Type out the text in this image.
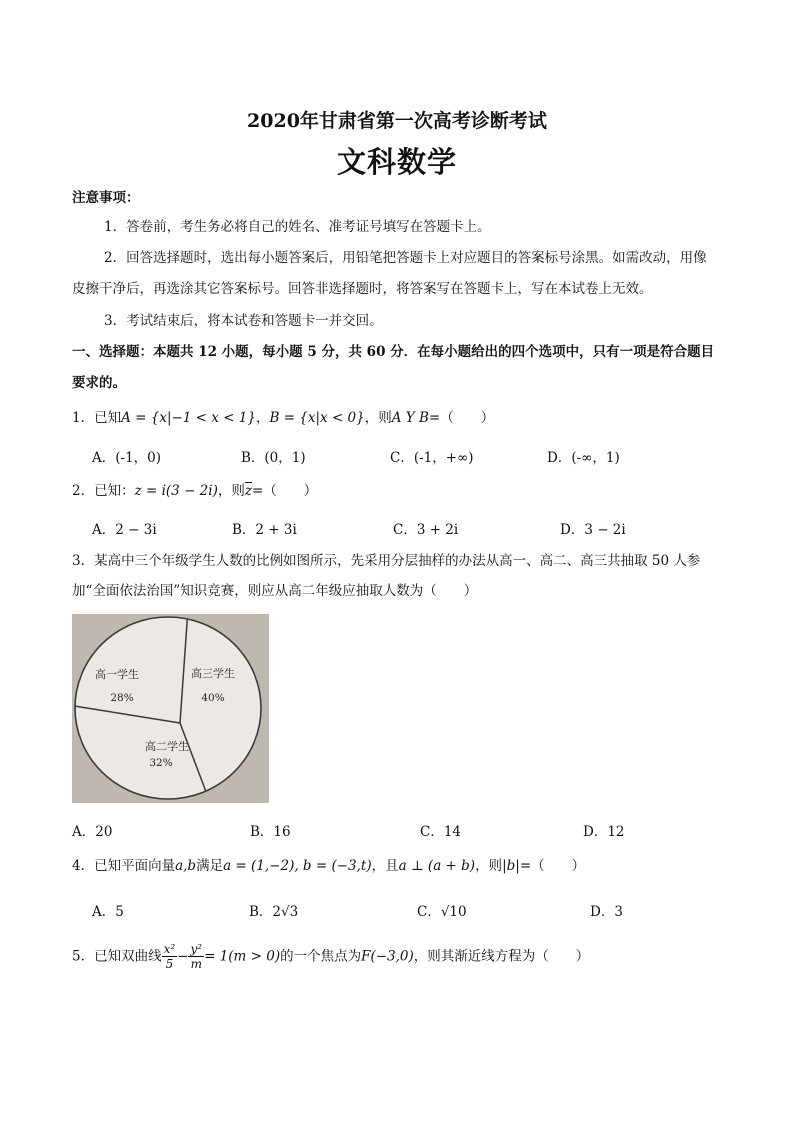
2020年甘肃省第一次高考诊断考试
文科数学
注意事项：
1．答卷前，考生务必将自己的姓名、准考证号填写在答题卡上。
2．回答选择题时，选出每小题答案后，用铅笔把答题卡上对应题目的答案标号涂黑。如需改动，用像
皮擦干净后，再选涂其它答案标号。回答非选择题时，将答案写在答题卡上，写在本试卷上无效。
3．考试结束后，将本试卷和答题卡一并交回。
一、选择题：本题共 12 小题，每小题 5 分，共 60 分．在每小题给出的四个选项中，只有一项是符合题目
要求的。
1．已知A = {x|−1 < x < 1}，B = {x|x < 0}，则A Y B=（　　）
A．(-1，0)	B．(0，1)	C．(-1，+∞)	D．(-∞，1)
2．已知：z = i(3 − 2i)，则$\overline{z}=$（　　）
A．2 − 3i	B．2 + 3i	C．3 + 2i	D．3 − 2i
3．某高中三个年级学生人数的比例如图所示，先采用分层抽样的办法从高一、高二、高三共抽取 50 人参
加“全面依法治国”知识竞赛，则应从高二年级应抽取人数为（　　）
高一学生
28%
高三学生
40%
高二学生
32%
A．20	B．16	C．14	D．12
4．已知平面向量a,b满足a = (1,−2), b = (−3,t)，且a ⊥ (a + b)，则|b|=（　　）
A．5	B．2√3	C．√10	D．3
5．已知双曲线 $\frac{\text{x²}}{5} - \frac{\text{y²}}{m} = 1(m > 0)$的一个焦点为F(−3,0)，则其渐近线方程为（　　）
